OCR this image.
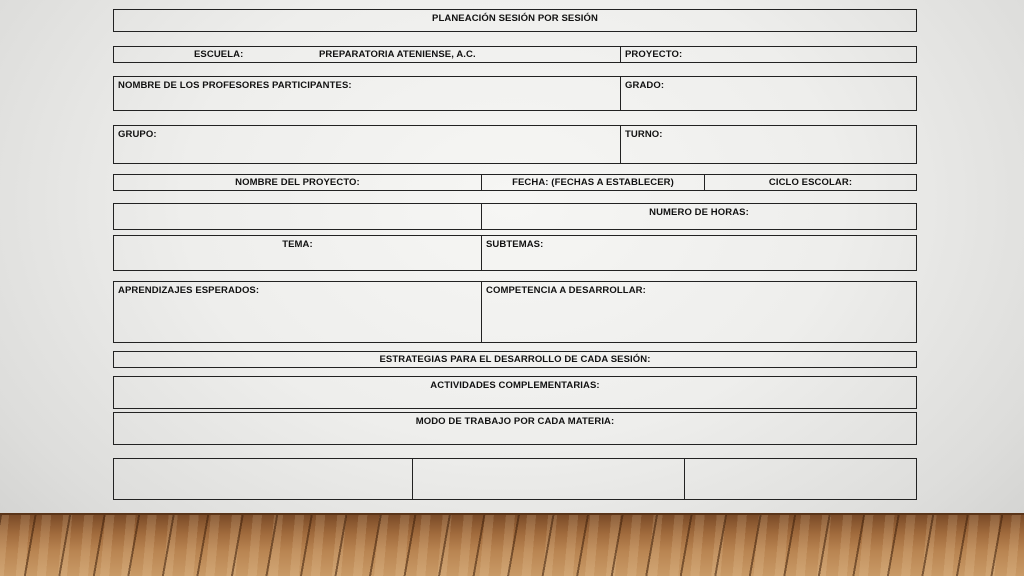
PLANEACIÓN SESIÓN POR SESIÓN
ESCUELA:	PREPARATORIA ATENIENSE, A.C.	PROYECTO:
NOMBRE DE LOS PROFESORES PARTICIPANTES:	GRADO:
GRUPO:	TURNO:
NOMBRE DEL PROYECTO:	FECHA: (FECHAS A ESTABLECER)	CICLO ESCOLAR:
NUMERO DE HORAS:
TEMA:	SUBTEMAS:
APRENDIZAJES ESPERADOS:	COMPETENCIA A DESARROLLAR:
ESTRATEGIAS PARA EL DESARROLLO DE CADA SESIÓN:
ACTIVIDADES COMPLEMENTARIAS:
MODO DE TRABAJO POR CADA MATERIA:
